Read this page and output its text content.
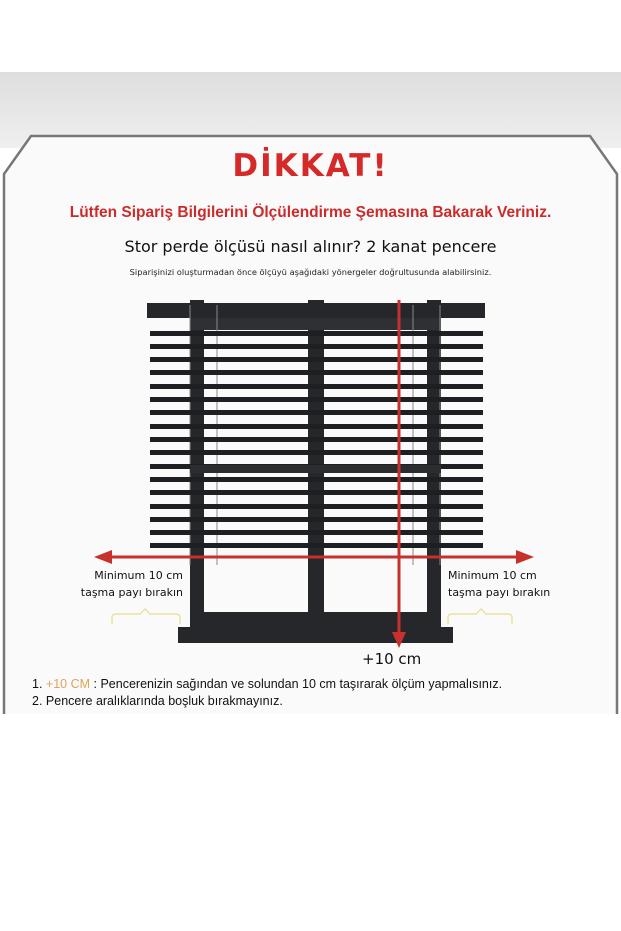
DİKKAT!
Lütfen Sipariş Bilgilerini Ölçülendirme Şemasına Bakarak Veriniz.
Stor perde ölçüsü nasıl alınır? 2 kanat pencere
Siparişinizi oluşturmadan önce ölçüyü aşağıdaki yönergeler doğrultusunda alabilirsiniz.
Minimum 10 cm
taşma payı bırakın
Minimum 10 cm
taşma payı bırakın
+10 cm
1. +10 CM : Pencerenizin sağından ve solundan 10 cm taşırarak ölçüm yapmalısınız.
2. Pencere aralıklarında boşluk bırakmayınız.
